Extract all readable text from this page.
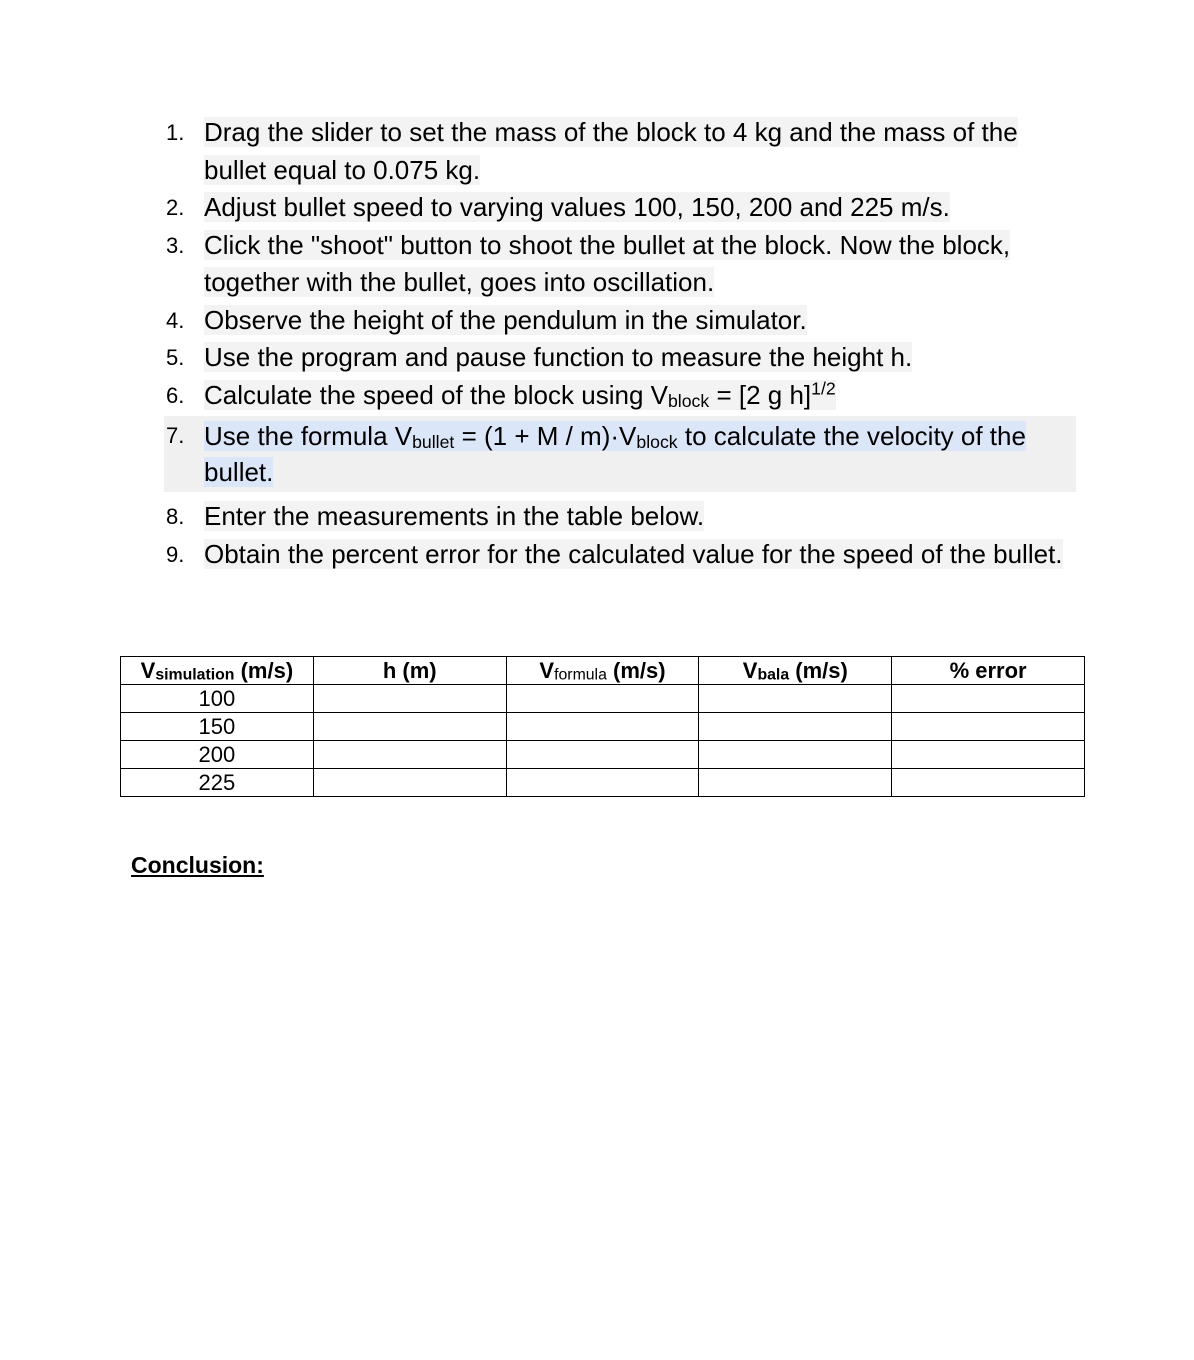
1. Drag the slider to set the mass of the block to 4 kg and the mass of the bullet equal to 0.075 kg.
2. Adjust bullet speed to varying values 100, 150, 200 and 225 m/s.
3. Click the "shoot" button to shoot the bullet at the block. Now the block, together with the bullet, goes into oscillation.
4. Observe the height of the pendulum in the simulator.
5. Use the program and pause function to measure the height h.
6. Calculate the speed of the block using $V_{block} = [2$ g h]$^{1/2}$
7. Use the formula $V_{bullet} = (1 + M / m)\cdot V_{block}$ to calculate the velocity of the bullet.
8. Enter the measurements in the table below.
9. Obtain the percent error for the calculated value for the speed of the bullet.
$V_{simulation}$ (m/s)	h (m)	$V_{formula}$ (m/s)	$V_{bala}$ (m/s)	% error
100				
150				
200				
225				
Conclusion:
